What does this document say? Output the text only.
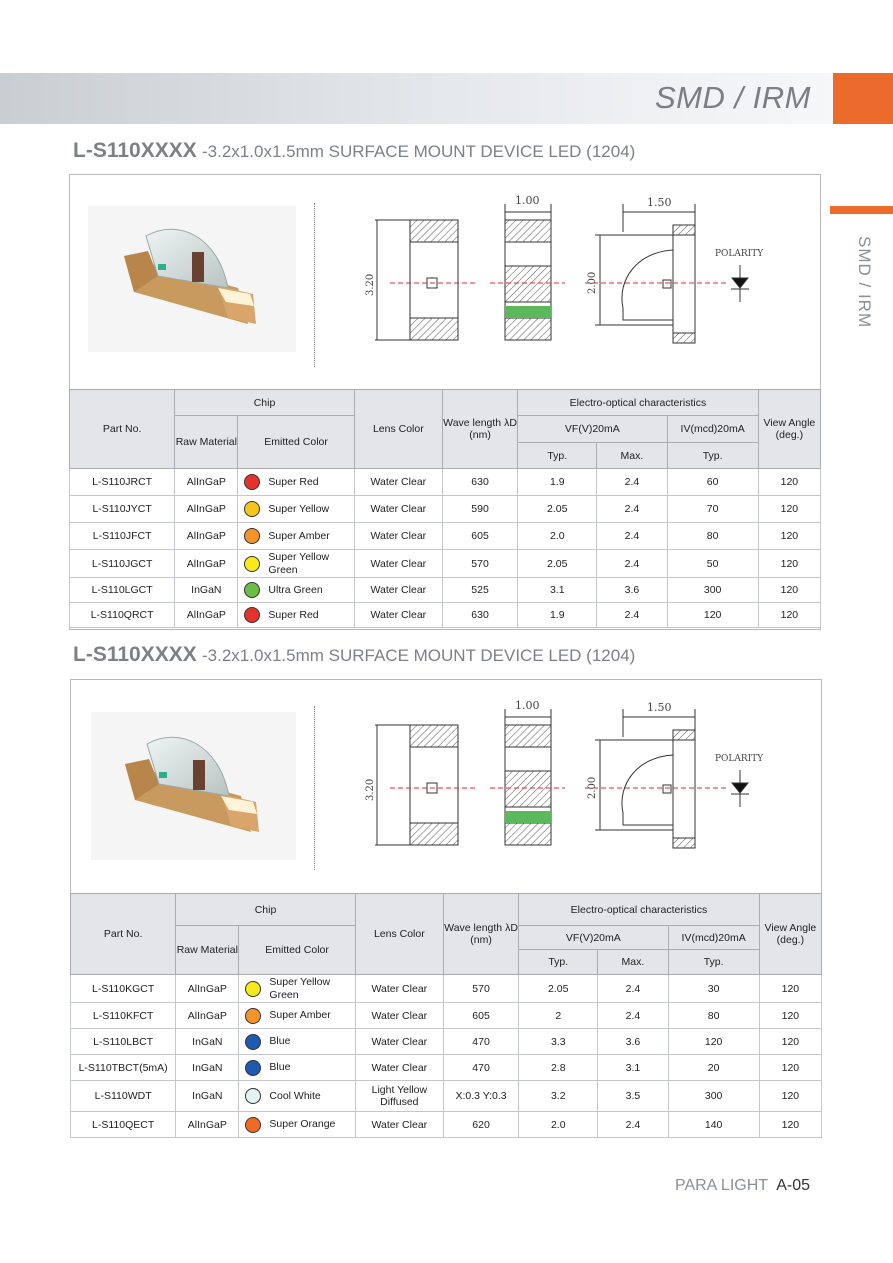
SMD / IRM
SMD / IRM
L-S110XXXX -3.2x1.0x1.5mm SURFACE MOUNT DEVICE LED (1204)
L-S110XXXX -3.2x1.0x1.5mm SURFACE MOUNT DEVICE LED (1204)
1.00	1.50
3.20	2.00
POLARITY
1.00	1.50
3.20	2.00
POLARITY
Part No.	Chip		Lens Color	Wave length λD (nm)	Electro-optical characteristics			View Angle (deg.)
	Raw Material	Emitted Color			VF(V)20mA		IV(mcd)20mA	
					Typ.	Max.	Typ.	
L-S110JRCT	AlInGaP	Super Red	Water Clear	630	1.9	2.4	60	120
L-S110JYCT	AlInGaP	Super Yellow	Water Clear	590	2.05	2.4	70	120
L-S110JFCT	AlInGaP	Super Amber	Water Clear	605	2.0	2.4	80	120
L-S110JGCT	AlInGaP	Super Yellow Green	Water Clear	570	2.05	2.4	50	120
L-S110LGCT	InGaN	Ultra Green	Water Clear	525	3.1	3.6	300	120
L-S110QRCT	AlInGaP	Super Red	Water Clear	630	1.9	2.4	120	120
Part No.	Chip		Lens Color	Wave length λD (nm)	Electro-optical characteristics			View Angle (deg.)
	Raw Material	Emitted Color			VF(V)20mA		IV(mcd)20mA	
					Typ.	Max.	Typ.	
L-S110KGCT	AlInGaP	Super Yellow Green	Water Clear	570	2.05	2.4	30	120
L-S110KFCT	AlInGaP	Super Amber	Water Clear	605	2	2.4	80	120
L-S110LBCT	InGaN	Blue	Water Clear	470	3.3	3.6	120	120
L-S110TBCT(5mA)	InGaN	Blue	Water Clear	470	2.8	3.1	20	120
L-S110WDT	InGaN	Cool White	Light Yellow Diffused	X:0.3 Y:0.3	3.2	3.5	300	120
L-S110QECT	AlInGaP	Super Orange	Water Clear	620	2.0	2.4	140	120
PARA LIGHT A-05
